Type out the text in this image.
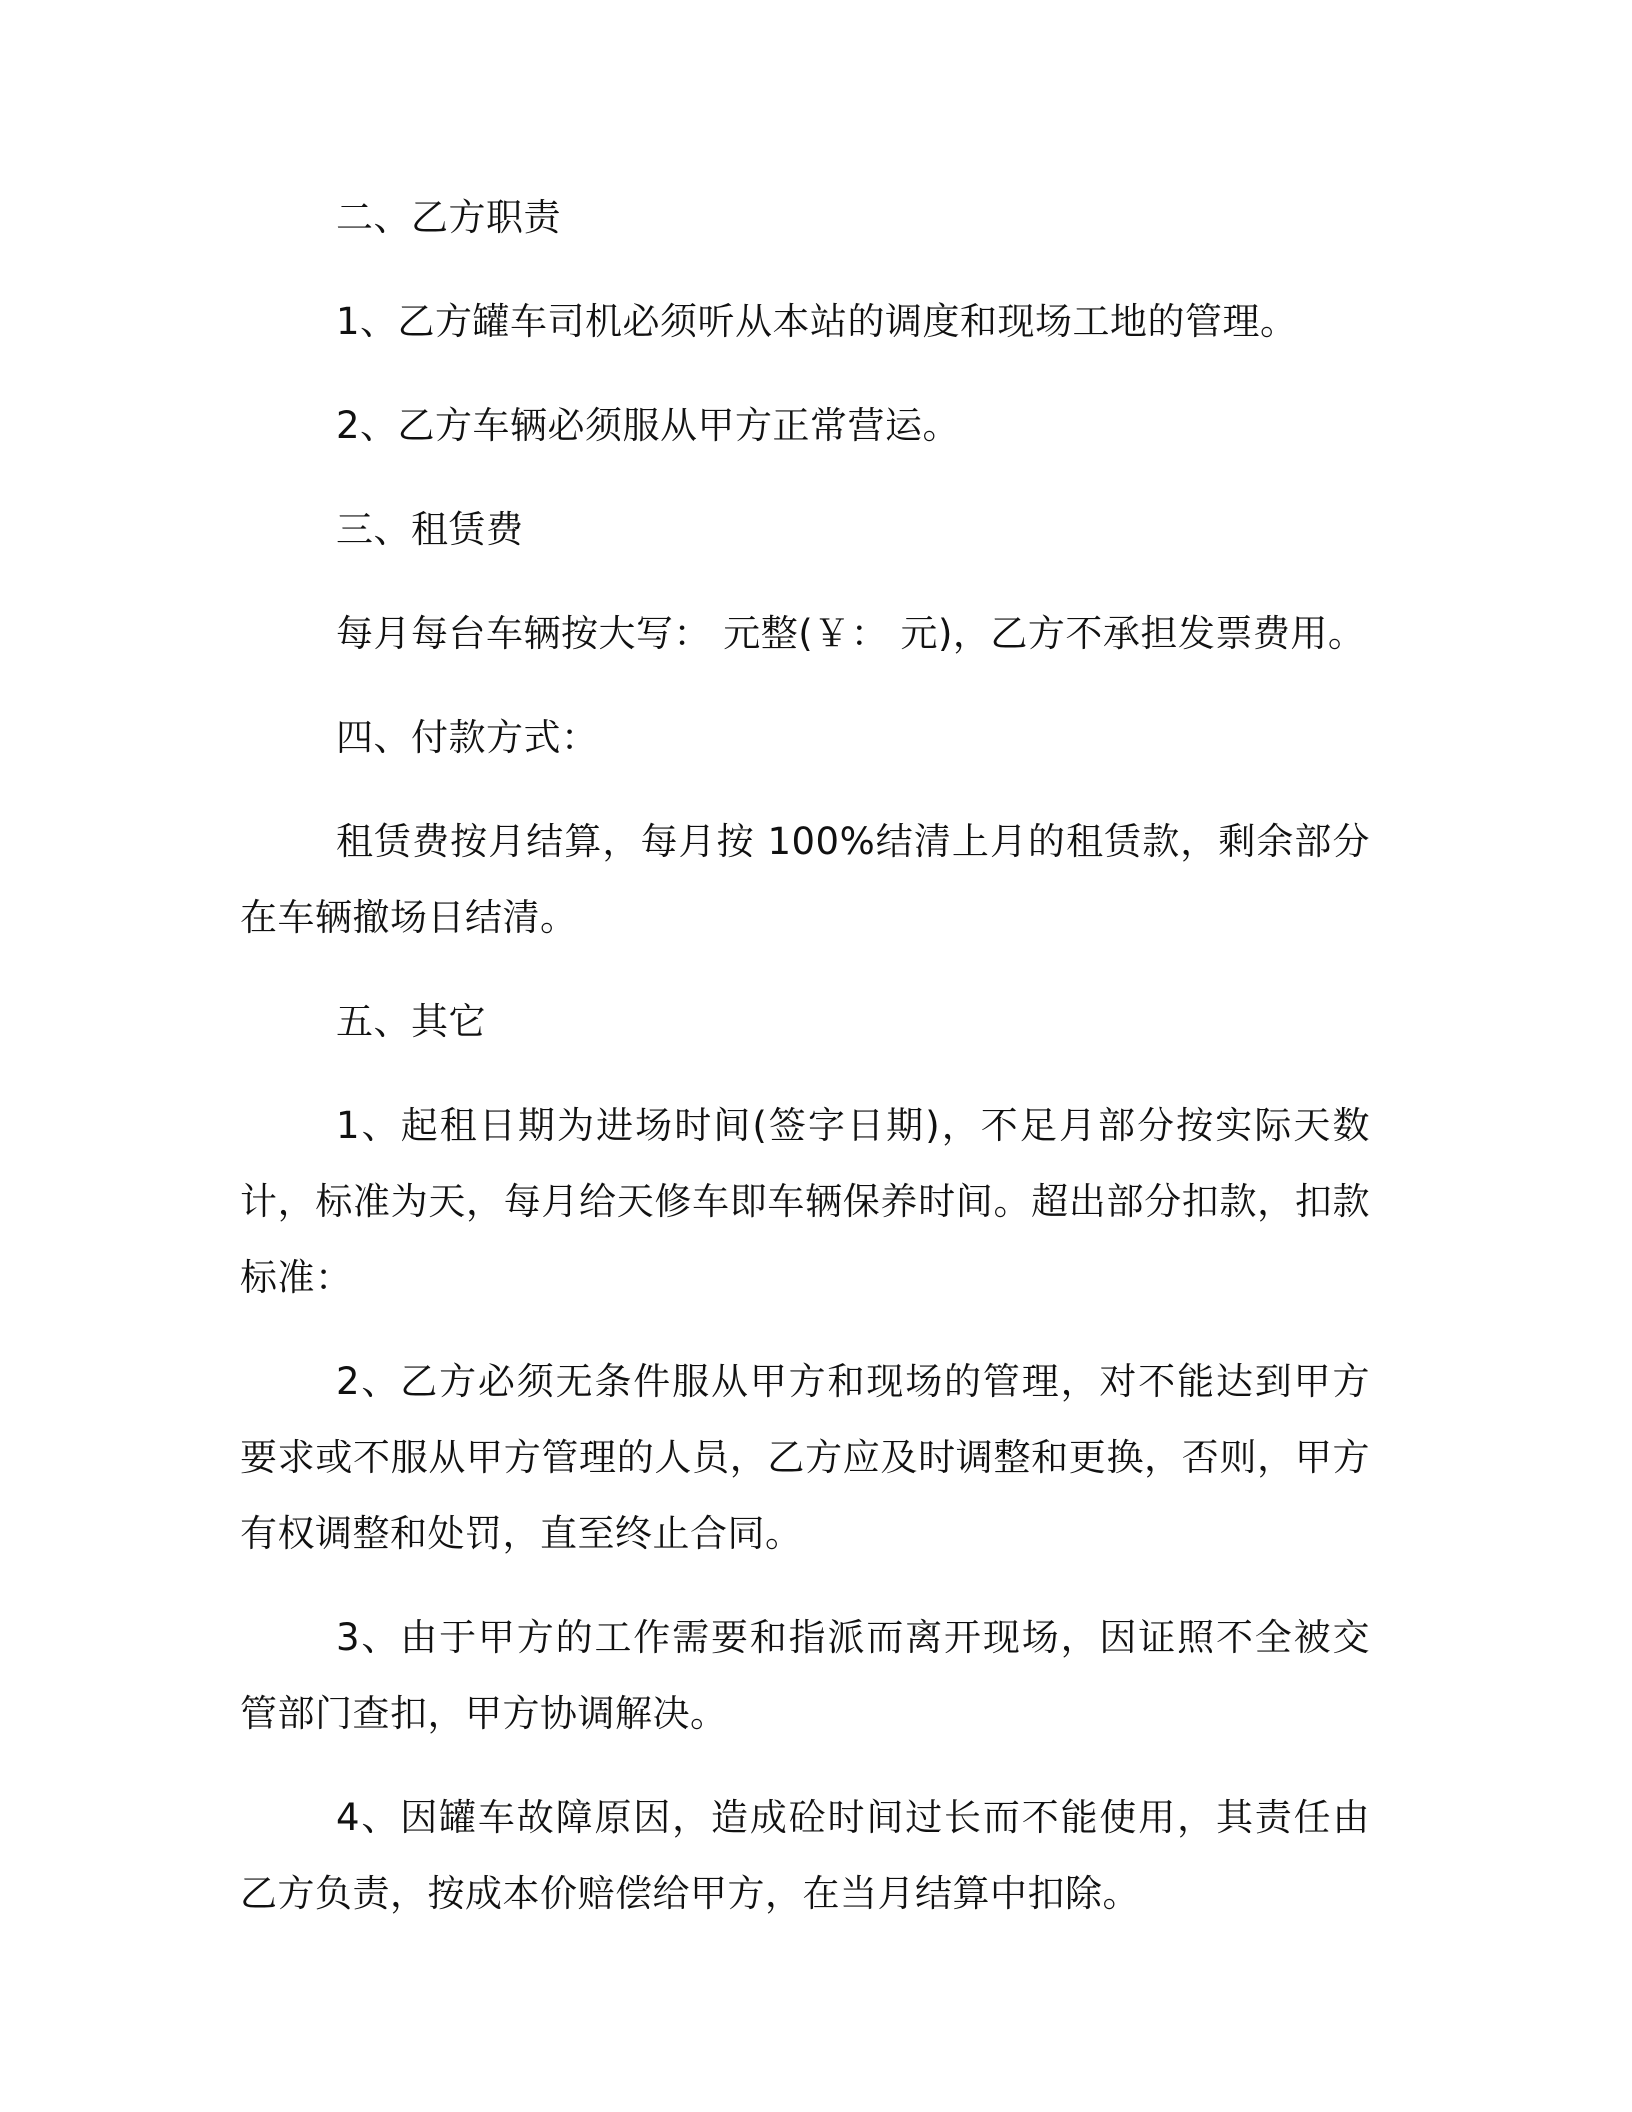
二、乙方职责

1、乙方罐车司机必须听从本站的调度和现场工地的管理。

2、乙方车辆必须服从甲方正常营运。

三、租赁费

每月每台车辆按大写： 元整(￥： 元)，乙方不承担发票费用。

四、付款方式：

租赁费按月结算，每月按 100%结清上月的租赁款，剩余部分在车辆撤场日结清。

五、其它

1、起租日期为进场时间(签字日期)，不足月部分按实际天数计，标准为天，每月给天修车即车辆保养时间。超出部分扣款，扣款标准：

2、乙方必须无条件服从甲方和现场的管理，对不能达到甲方要求或不服从甲方管理的人员，乙方应及时调整和更换，否则，甲方有权调整和处罚，直至终止合同。

3、由于甲方的工作需要和指派而离开现场，因证照不全被交管部门查扣，甲方协调解决。

4、因罐车故障原因，造成砼时间过长而不能使用，其责任由乙方负责，按成本价赔偿给甲方，在当月结算中扣除。
